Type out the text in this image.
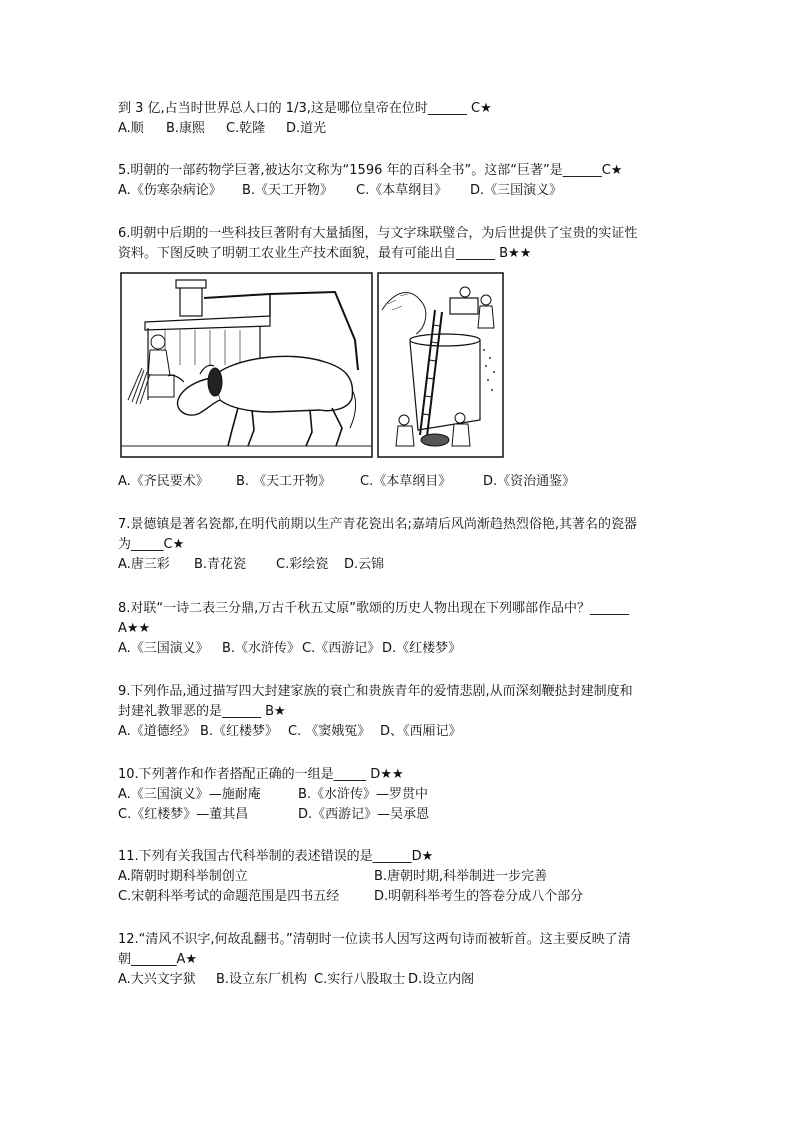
到 3 亿,占当时世界总人口的 1/3,这是哪位皇帝在位时______ C★
A.顺 B.康熙 C.乾隆 D.道光
5.明朝的一部药物学巨著,被达尔文称为“1596 年的百科全书”。这部“巨著”是______C★
A.《伤寒杂病论》 B.《天工开物》 C.《本草纲目》 D.《三国演义》
6.明朝中后期的一些科技巨著附有大量插图，与文字珠联璧合，为后世提供了宝贵的实证性
资料。下图反映了明朝工农业生产技术面貌，最有可能出自______ B★★
A.《齐民要术》 B. 《天工开物》 C.《本草纲目》 D.《资治通鉴》
7.景德镇是著名瓷都,在明代前期以生产青花瓷出名;嘉靖后风尚渐趋热烈俗艳,其著名的瓷器
为_____C★
A.唐三彩 B.青花瓷 C.彩绘瓷 D.云锦
8.对联“一诗二表三分鼎,万古千秋五丈原”歌颂的历史人物出现在下列哪部作品中？______
A★★
A.《三国演义》 B.《水浒传》 C.《西游记》 D.《红楼梦》
9.下列作品,通过描写四大封建家族的衰亡和贵族青年的爱情悲剧,从而深刻鞭挞封建制度和
封建礼教罪恶的是______ B★
A.《道德经》 B.《红楼梦》 C. 《窦娥冤》 D、《西厢记》
10.下列著作和作者搭配正确的一组是_____ D★★
A.《三国演义》—施耐庵	B.《水浒传》—罗贯中
C.《红楼梦》—董其昌	D.《西游记》—吴承恩
11.下列有关我国古代科举制的表述错误的是______D★
A.隋朝时期科举制创立	B.唐朝时期,科举制进一步完善
C.宋朝科举考试的命题范围是四书五经	D.明朝科举考生的答卷分成八个部分
12.“清风不识字,何故乱翻书。”清朝时一位读书人因写这两句诗而被斩首。这主要反映了清
朝_______A★
A.大兴文字狱 B.设立东厂机构 C.实行八股取士 D.设立内阁
